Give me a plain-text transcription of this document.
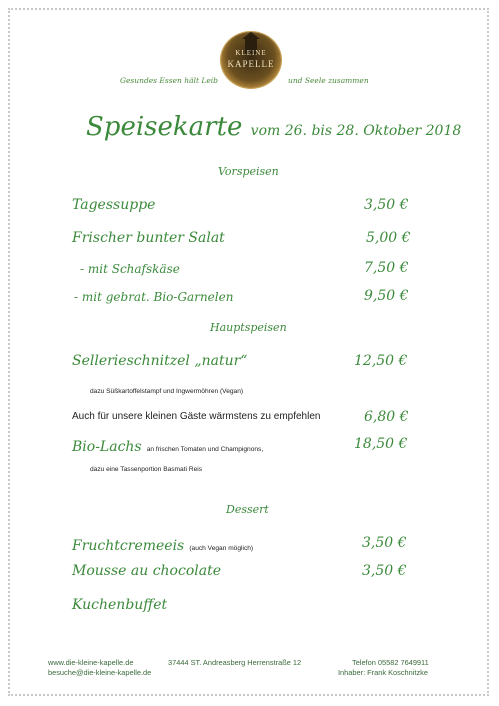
KLEINE
KAPELLE
Gesundes Essen hält Leib	und Seele zusammen
Speisekarte vom 26. bis 28. Oktober 2018
Vorspeisen
Tagessuppe	3,50 €
Frischer bunter Salat	5,00 €
- mit Schafskäse	7,50 €
- mit gebrat. Bio-Garnelen	9,50 €
Hauptspeisen
Sellerieschnitzel „natur“	12,50 €
dazu Süßkartoffelstampf und Ingwermöhren (Vegan)
Auch für unsere kleinen Gäste wärmstens zu empfehlen	6,80 €
Bio-Lachs an frischen Tomaten und Champignons,	18,50 €
dazu eine Tassenportion Basmati Reis
Dessert
Fruchtcremeeis (auch Vegan möglich)	3,50 €
Mousse au chocolate	3,50 €
Kuchenbuffet
www.die-kleine-kapelle.de	37444 ST. Andreasberg Herrenstraße 12	Telefon 05582 7649911
besuche@die-kleine-kapelle.de	Inhaber: Frank Koschnitzke
